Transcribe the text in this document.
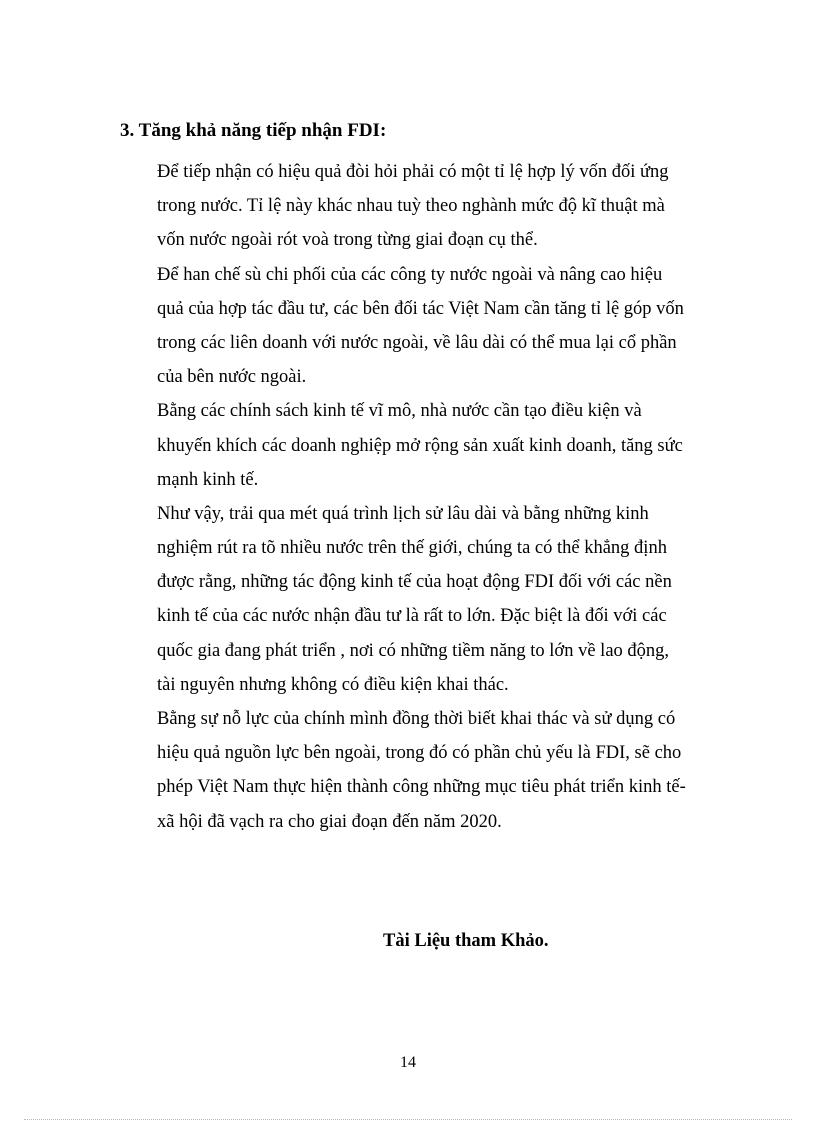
3. Tăng khả năng tiếp nhận FDI:
Để tiếp nhận có hiệu quả đòi hỏi phải có một tỉ lệ hợp lý vốn đối ứng
trong nước. Tỉ lệ này khác nhau tuỳ theo nghành mức độ kĩ thuật mà
vốn nước ngoài rót voà trong từng giai đoạn cụ thể.
Để han chế sù chi phối của các công ty nước ngoài và nâng cao hiệu
quả của hợp tác đầu tư, các bên đối tác Việt Nam cần tăng tỉ lệ góp vốn
trong các liên doanh với nước ngoài, về lâu dài có thể mua lại cổ phần
của bên nước ngoài.
Bằng các chính sách kinh tế vĩ mô, nhà nước cần tạo điều kiện và
khuyến khích các doanh nghiệp mở rộng sản xuất kinh doanh, tăng sức
mạnh kinh tế.
Như vậy, trải qua mét quá trình lịch sử lâu dài và bằng những kinh
nghiệm rút ra tõ nhiều nước trên thế giới, chúng ta có thể khẳng định
được rằng, những tác động kinh tế của hoạt động FDI đối với các nền
kinh tế của các nước nhận đầu tư là rất to lớn. Đặc biệt là đối với các
quốc gia đang phát triển , nơi có những tiềm năng to lớn về lao động,
tài nguyên nhưng không có điều kiện khai thác.
Bằng sự nỗ lực của chính mình đồng thời biết khai thác và sử dụng có
hiệu quả nguồn lực bên ngoài, trong đó có phần chủ yếu là FDI, sẽ cho
phép Việt Nam thực hiện thành công những mục tiêu phát triển kinh tế-
xã hội đã vạch ra cho giai đoạn đến năm 2020.
Tài Liệu tham Khảo.
14
